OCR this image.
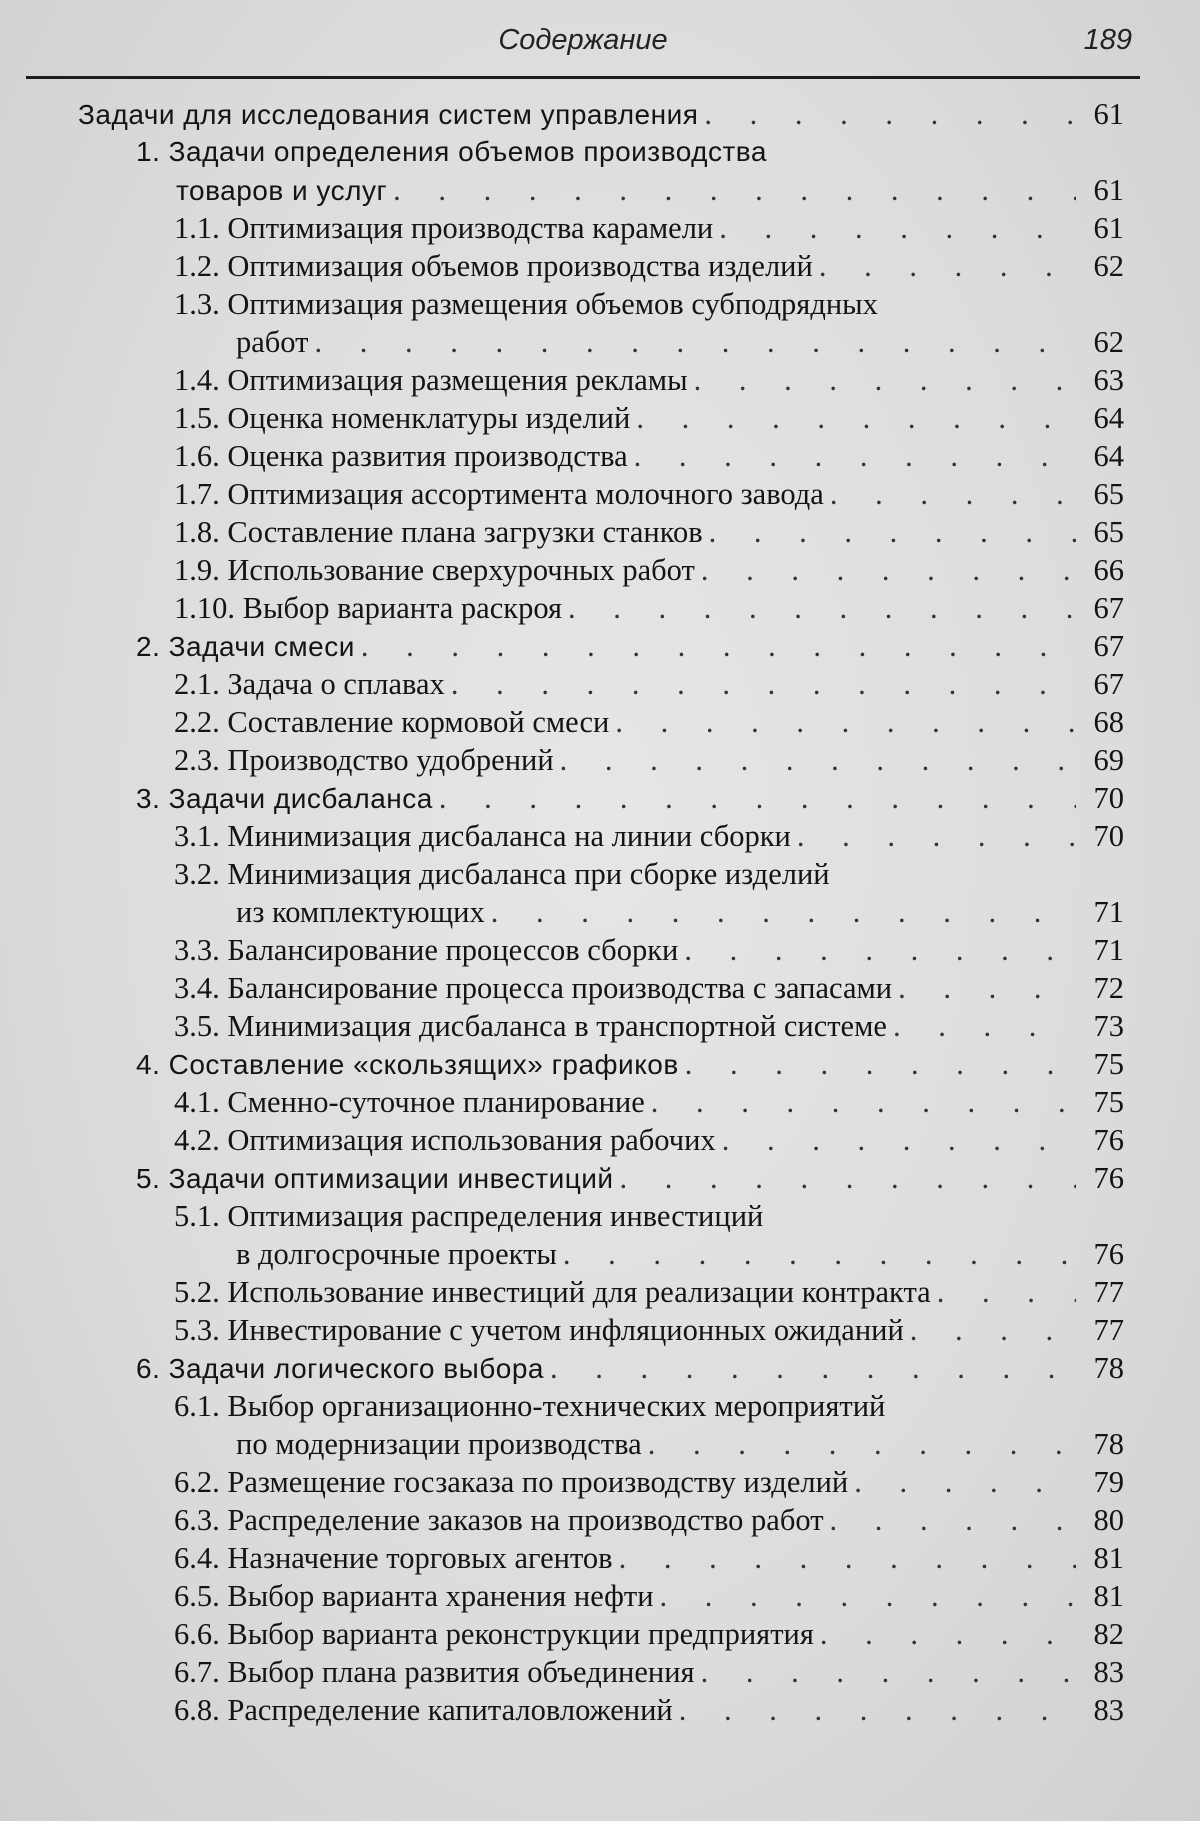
Содержание	189
Задачи для исследования систем управления . . .	61
1. Задачи определения объемов производства
товаров и услуг . . .	61
1.1. Оптимизация производства карамели . . .	61
1.2. Оптимизация объемов производства изделий . . .	62
1.3. Оптимизация размещения объемов субподрядных
работ . . .	62
1.4. Оптимизация размещения рекламы . . .	63
1.5. Оценка номенклатуры изделий . . .	64
1.6. Оценка развития производства . . .	64
1.7. Оптимизация ассортимента молочного завода . . .	65
1.8. Составление плана загрузки станков . . .	65
1.9. Использование сверхурочных работ . . .	66
1.10. Выбор варианта раскроя . . .	67
2. Задачи смеси . . .	67
2.1. Задача о сплавах . . .	67
2.2. Составление кормовой смеси . . .	68
2.3. Производство удобрений . . .	69
3. Задачи дисбаланса . . .	70
3.1. Минимизация дисбаланса на линии сборки . . .	70
3.2. Минимизация дисбаланса при сборке изделий
из комплектующих . . .	71
3.3. Балансирование процессов сборки . . .	71
3.4. Балансирование процесса производства с запасами . . .	72
3.5. Минимизация дисбаланса в транспортной системе . . .	73
4. Составление «скользящих» графиков . . .	75
4.1. Сменно-суточное планирование . . .	75
4.2. Оптимизация использования рабочих . . .	76
5. Задачи оптимизации инвестиций . . .	76
5.1. Оптимизация распределения инвестиций
в долгосрочные проекты . . .	76
5.2. Использование инвестиций для реализации контракта . . .	77
5.3. Инвестирование с учетом инфляционных ожиданий . . .	77
6. Задачи логического выбора . . .	78
6.1. Выбор организационно-технических мероприятий
по модернизации производства . . .	78
6.2. Размещение госзаказа по производству изделий . . .	79
6.3. Распределение заказов на производство работ . . .	80
6.4. Назначение торговых агентов . . .	81
6.5. Выбор варианта хранения нефти . . .	81
6.6. Выбор варианта реконструкции предприятия . . .	82
6.7. Выбор плана развития объединения . . .	83
6.8. Распределение капиталовложений . . .	83
